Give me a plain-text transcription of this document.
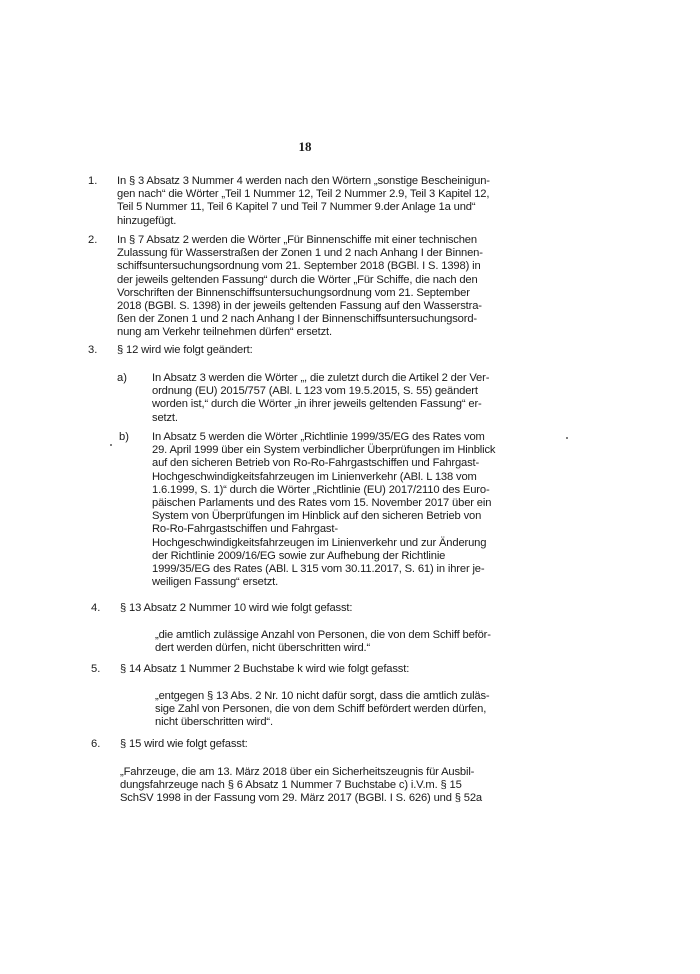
18
1. In § 3 Absatz 3 Nummer 4 werden nach den Wörtern „sonstige Bescheinigun-
gen nach“ die Wörter „Teil 1 Nummer 12, Teil 2 Nummer 2.9, Teil 3 Kapitel 12,
Teil 5 Nummer 11, Teil 6 Kapitel 7 und Teil 7 Nummer 9.der Anlage 1a und“
hinzugefügt.
2. In § 7 Absatz 2 werden die Wörter „Für Binnenschiffe mit einer technischen
Zulassung für Wasserstraßen der Zonen 1 und 2 nach Anhang I der Binnen-
schiffsuntersuchungsordnung vom 21. September 2018 (BGBl. I S. 1398) in
der jeweils geltenden Fassung“ durch die Wörter „Für Schiffe, die nach den
Vorschriften der Binnenschiffsuntersuchungsordnung vom 21. September
2018 (BGBl. S. 1398) in der jeweils geltenden Fassung auf den Wasserstra-
ßen der Zonen 1 und 2 nach Anhang I der Binnenschiffsuntersuchungsord-
nung am Verkehr teilnehmen dürfen“ ersetzt.
3. § 12 wird wie folgt geändert:
a) In Absatz 3 werden die Wörter „, die zuletzt durch die Artikel 2 der Ver-
ordnung (EU) 2015/757 (ABl. L 123 vom 19.5.2015, S. 55) geändert
worden ist,“ durch die Wörter „in ihrer jeweils geltenden Fassung“ er-
setzt.
b) In Absatz 5 werden die Wörter „Richtlinie 1999/35/EG des Rates vom
29. April 1999 über ein System verbindlicher Überprüfungen im Hinblick
auf den sicheren Betrieb von Ro-Ro-Fahrgastschiffen und Fahrgast-
Hochgeschwindigkeitsfahrzeugen im Linienverkehr (ABl. L 138 vom
1.6.1999, S. 1)“ durch die Wörter „Richtlinie (EU) 2017/2110 des Euro-
päischen Parlaments und des Rates vom 15. November 2017 über ein
System von Überprüfungen im Hinblick auf den sicheren Betrieb von
Ro-Ro-Fahrgastschiffen und Fahrgast-
Hochgeschwindigkeitsfahrzeugen im Linienverkehr und zur Änderung
der Richtlinie 2009/16/EG sowie zur Aufhebung der Richtlinie
1999/35/EG des Rates (ABl. L 315 vom 30.11.2017, S. 61) in ihrer je-
weiligen Fassung“ ersetzt.
4. § 13 Absatz 2 Nummer 10 wird wie folgt gefasst:
„die amtlich zulässige Anzahl von Personen, die von dem Schiff beför-
dert werden dürfen, nicht überschritten wird.“
5. § 14 Absatz 1 Nummer 2 Buchstabe k wird wie folgt gefasst:
„entgegen § 13 Abs. 2 Nr. 10 nicht dafür sorgt, dass die amtlich zuläs-
sige Zahl von Personen, die von dem Schiff befördert werden dürfen,
nicht überschritten wird“.
6. § 15 wird wie folgt gefasst:
„Fahrzeuge, die am 13. März 2018 über ein Sicherheitszeugnis für Ausbil-
dungsfahrzeuge nach § 6 Absatz 1 Nummer 7 Buchstabe c) i.V.m. § 15
SchSV 1998 in der Fassung vom 29. März 2017 (BGBl. I S. 626) und § 52a
